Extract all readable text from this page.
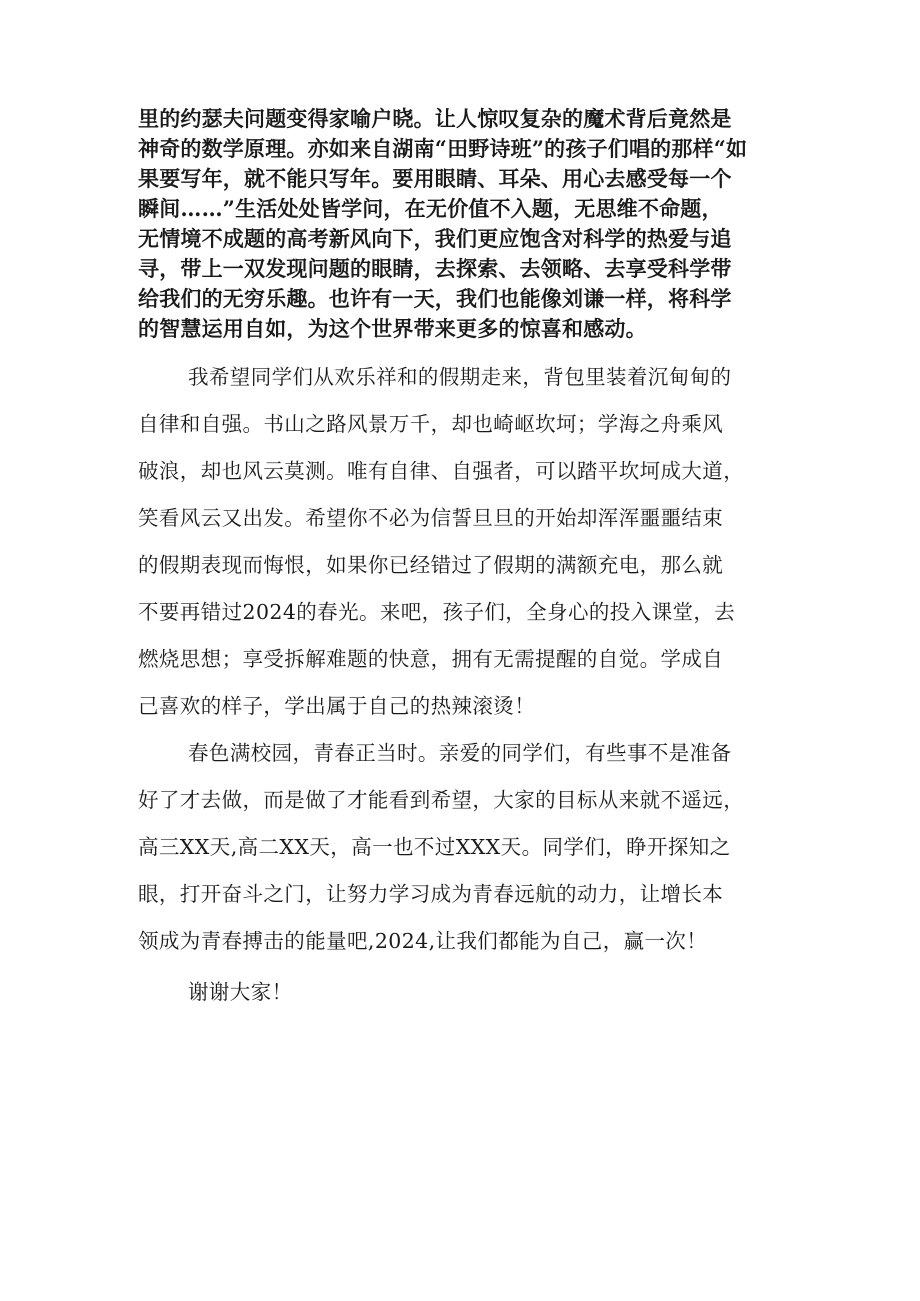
里的约瑟夫问题变得家喻户晓。让人惊叹复杂的魔术背后竟然是

神奇的数学原理。亦如来自湖南“田野诗班”的孩子们唱的那样“如

果要写年，就不能只写年。要用眼睛、耳朵、用心去感受每一个

瞬间……”生活处处皆学问，在无价值不入题，无思维不命题，

无情境不成题的高考新风向下，我们更应饱含对科学的热爱与追

寻，带上一双发现问题的眼睛，去探索、去领略、去享受科学带

给我们的无穷乐趣。也许有一天，我们也能像刘谦一样，将科学

的智慧运用自如，为这个世界带来更多的惊喜和感动。

我希望同学们从欢乐祥和的假期走来，背包里装着沉甸甸的

自律和自强。书山之路风景万千，却也崎岖坎坷；学海之舟乘风

破浪，却也风云莫测。唯有自律、自强者，可以踏平坎坷成大道，

笑看风云又出发。希望你不必为信誓旦旦的开始却浑浑噩噩结束

的假期表现而悔恨，如果你已经错过了假期的满额充电，那么就

不要再错过2024的春光。来吧，孩子们，全身心的投入课堂，去

燃烧思想；享受拆解难题的快意，拥有无需提醒的自觉。学成自

己喜欢的样子，学出属于自己的热辣滚烫！

春色满校园，青春正当时。亲爱的同学们，有些事不是准备

好了才去做，而是做了才能看到希望，大家的目标从来就不遥远，

高三XX天,高二XX天，高一也不过XXX天。同学们，睁开探知之

眼，打开奋斗之门，让努力学习成为青春远航的动力，让增长本

领成为青春搏击的能量吧,2024,让我们都能为自己，赢一次！

谢谢大家！
